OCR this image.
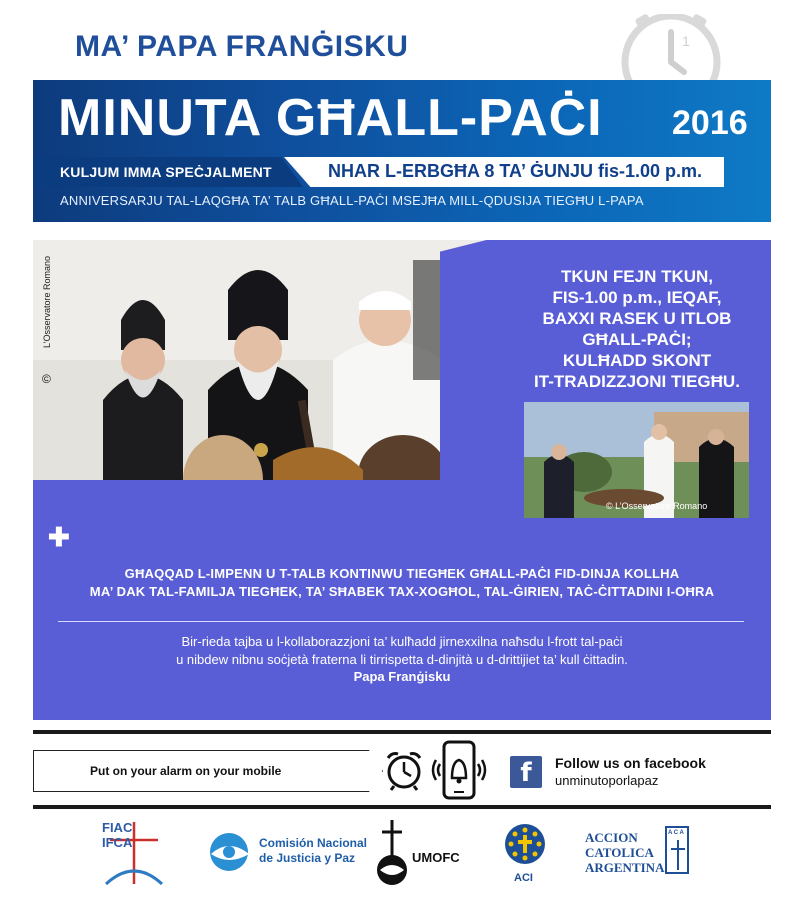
MA’ PAPA FRANĠISKU	1
MINUTA GĦALL-PAĊI 2016
KULJUM IMMA SPEĊJALMENT	NHAR L-ERBGĦA 8 TA’ ĠUNJU fis-1.00 p.m.
ANNIVERSARJU TAL-LAQGĦA TA’ TALB GĦALL-PAĊI MSEJĦA MILL-QDUSIJA TIEGĦU L-PAPA
L’Osservatore Romano
©
✚
TKUN FEJN TKUN,
FIS-1.00 p.m., IEQAF,
BAXXI RASEK U ITLOB
GĦALL-PAĊI;
KULĦADD SKONT
IT-TRADIZZJONI TIEGĦU.
© L’Osservatore Romano
GĦAQQAD L-IMPENN U T-TALB KONTINWU TIEGĦEK GĦALL-PAĊI FID-DINJA KOLLHA
MA’ DAK TAL-FAMILJA TIEGĦEK, TA’ SĦABEK TAX-XOGĦOL, TAL-ĠIRIEN, TAĊ-ĊITTADINI I-OĦRA
Bir-rieda tajba u l-kollaborazzjoni ta’ kulħadd jirnexxilna naħsdu l-frott tal-paċi
u nibdew nibnu soċjetà fraterna li tirrispetta d-dinjità u d-drittijiet ta’ kull ċittadin.
Papa Franġisku
Put on your alarm on your mobile	f	Follow us on facebook
unminutoporlapaz
FIAC
IFCA	Comisión Nacional
de Justicia y Paz	UMOFC
ACI
ACCION
CATOLICA
ARGENTINA
A C A
